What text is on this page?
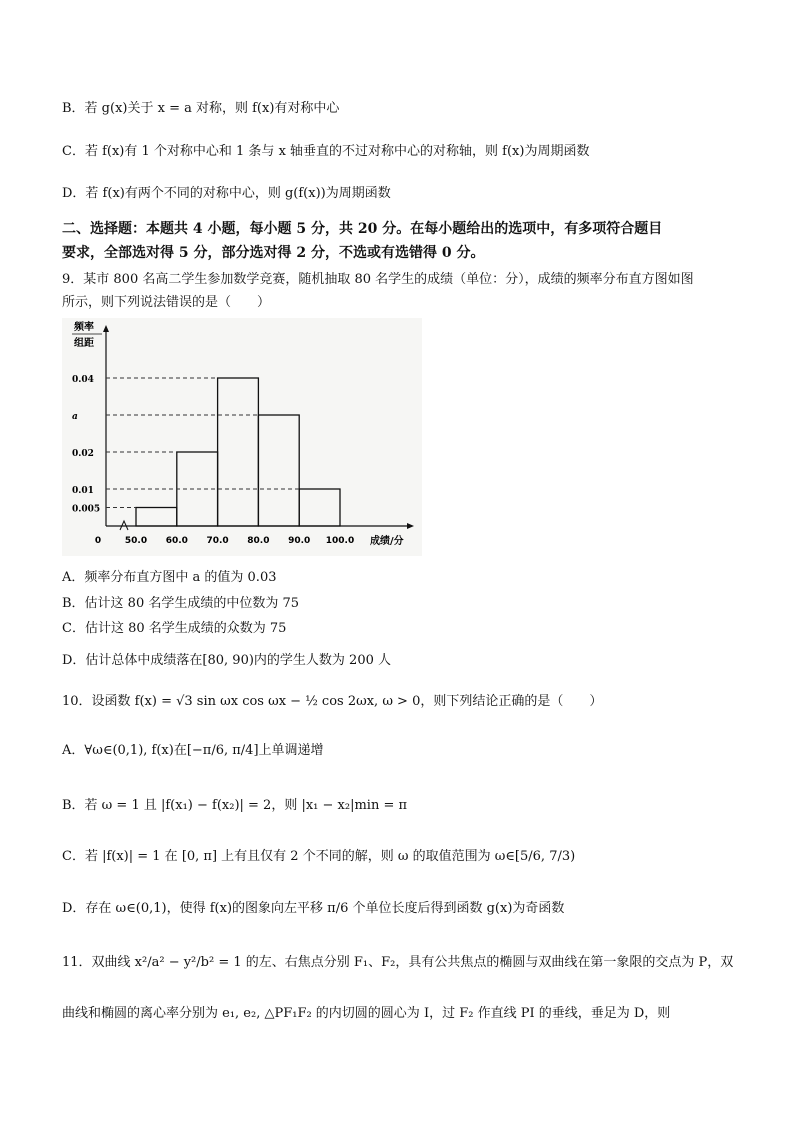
B．若 g(x)关于 x = a 对称，则 f(x)有对称中心
C．若 f(x)有 1 个对称中心和 1 条与 x 轴垂直的不过对称中心的对称轴，则 f(x)为周期函数
D．若 f(x)有两个不同的对称中心，则 g(f(x))为周期函数
二、选择题：本题共 4 小题，每小题 5 分，共 20 分。在每小题给出的选项中，有多项符合题目
要求，全部选对得 5 分，部分选对得 2 分，不选或有选错得 0 分。
9．某市 800 名高二学生参加数学竞赛，随机抽取 80 名学生的成绩（单位：分），成绩的频率分布直方图如图
所示，则下列说法错误的是（　　）
频率
组距
0.04
a
0.02
0.01
0.005
0	50.0 60.0 70.0 80.0 90.0 100.0 成绩/分
A．频率分布直方图中 a 的值为 0.03
B．估计这 80 名学生成绩的中位数为 75
C．估计这 80 名学生成绩的众数为 75
D．估计总体中成绩落在[80, 90)内的学生人数为 200 人
10．设函数 f(x) = √3 sin ωx cos ωx − ½ cos 2ωx, ω > 0，则下列结论正确的是（　　）
A．∀ω∈(0,1), f(x)在[−π/6, π/4]上单调递增
B．若 ω = 1 且 |f(x₁) − f(x₂)| = 2，则 |x₁ − x₂|min = π
C．若 |f(x)| = 1 在 [0, π] 上有且仅有 2 个不同的解，则 ω 的取值范围为 ω∈[5/6, 7/3)
D．存在 ω∈(0,1)，使得 f(x)的图象向左平移 π/6 个单位长度后得到函数 g(x)为奇函数
11．双曲线 x²/a² − y²/b² = 1 的左、右焦点分别 F₁、F₂，具有公共焦点的椭圆与双曲线在第一象限的交点为 P，双
曲线和椭圆的离心率分别为 e₁, e₂, △PF₁F₂ 的内切圆的圆心为 I，过 F₂ 作直线 PI 的垂线，垂足为 D，则
